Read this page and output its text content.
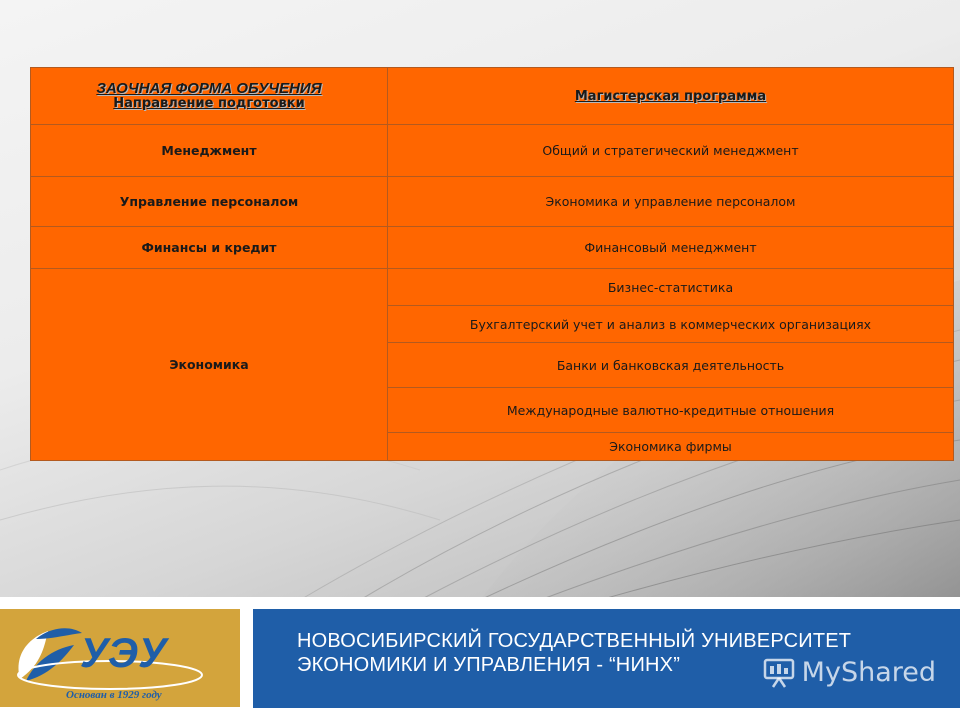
ЗАОЧНАЯ ФОРМА ОБУЧЕНИЯ
Направление подготовки	Магистерская программа
Менеджмент	Общий и стратегический менеджмент
Управление персоналом	Экономика и управление персоналом
Финансы и кредит	Финансовый менеджмент
Экономика	Бизнес-статистика
	Бухгалтерский учет и анализ в коммерческих организациях
	Банки и банковская деятельность
	Международные валютно-кредитные отношения
	Экономика фирмы
УЭУ
Основан в 1929 году

НОВОСИБИРСКИЙ ГОСУДАРСТВЕННЫЙ УНИВЕРСИТЕТ
ЭКОНОМИКИ И УПРАВЛЕНИЯ - “НИНХ”	MyShared
